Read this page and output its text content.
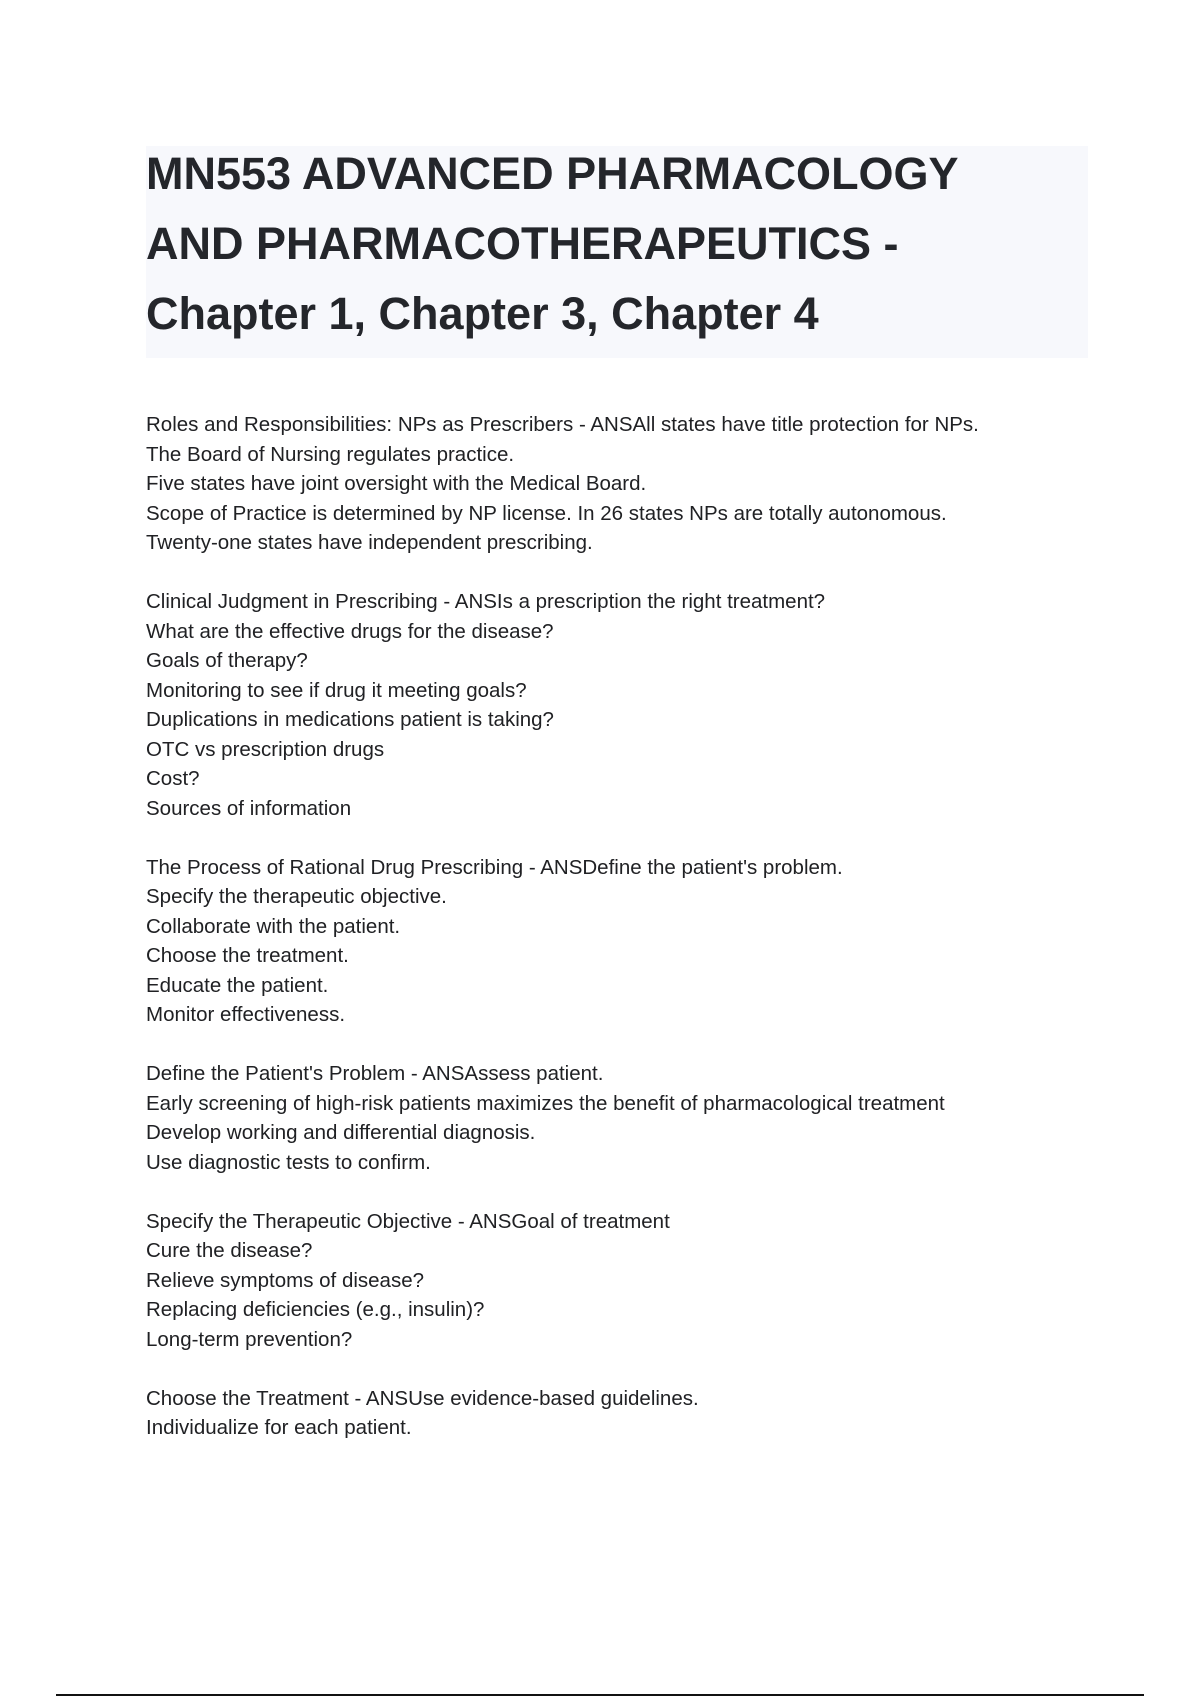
MN553 ADVANCED PHARMACOLOGY
AND PHARMACOTHERAPEUTICS -
Chapter 1, Chapter 3, Chapter 4
Roles and Responsibilities: NPs as Prescribers - ANSAll states have title protection for NPs.
The Board of Nursing regulates practice.
Five states have joint oversight with the Medical Board.
Scope of Practice is determined by NP license. In 26 states NPs are totally autonomous.
Twenty-one states have independent prescribing.
Clinical Judgment in Prescribing - ANSIs a prescription the right treatment?
What are the effective drugs for the disease?
Goals of therapy?
Monitoring to see if drug it meeting goals?
Duplications in medications patient is taking?
OTC vs prescription drugs
Cost?
Sources of information
The Process of Rational Drug Prescribing - ANSDefine the patient's problem.
Specify the therapeutic objective.
Collaborate with the patient.
Choose the treatment.
Educate the patient.
Monitor effectiveness.
Define the Patient's Problem - ANSAssess patient.
Early screening of high-risk patients maximizes the benefit of pharmacological treatment
Develop working and differential diagnosis.
Use diagnostic tests to confirm.
Specify the Therapeutic Objective - ANSGoal of treatment
Cure the disease?
Relieve symptoms of disease?
Replacing deficiencies (e.g., insulin)?
Long-term prevention?
Choose the Treatment - ANSUse evidence-based guidelines.
Individualize for each patient.
